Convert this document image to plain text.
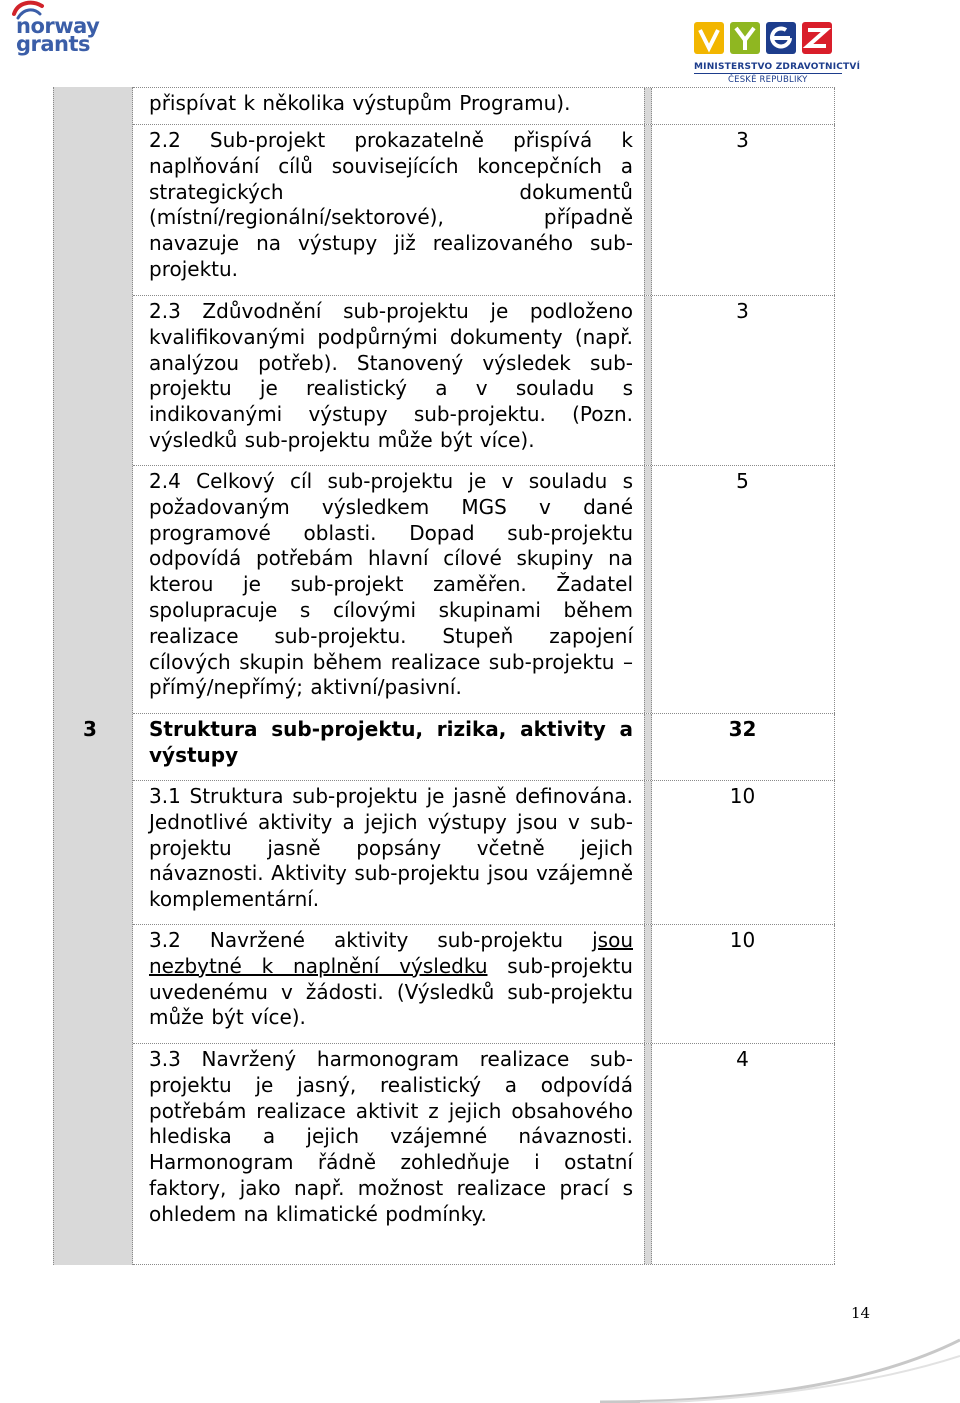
norway
grants
MINISTERSTVO ZDRAVOTNICTVÍ
ČESKÉ REPUBLIKY
3
přispívat k několika výstupům Programu).
2.2 Sub-projekt prokazatelně přispívá k naplňování cílů souvisejících koncepčních a strategických dokumentů (místní/regionální/sektorové), případně navazuje na výstupy již realizovaného sub-projektu.
3
2.3 Zdůvodnění sub-projektu je podloženo kvalifikovanými podpůrnými dokumenty (např. analýzou potřeb). Stanovený výsledek sub-projektu je realistický a v souladu s indikovanými výstupy sub-projektu. (Pozn. výsledků sub-projektu může být více).
3
2.4 Celkový cíl sub-projektu je v souladu s požadovaným výsledkem MGS v dané programové oblasti. Dopad sub-projektu odpovídá potřebám hlavní cílové skupiny na kterou je sub-projekt zaměřen. Žadatel spolupracuje s cílovými skupinami během realizace sub-projektu. Stupeň zapojení cílových skupin během realizace sub-projektu – přímý/nepřímý; aktivní/pasivní.
5
Struktura sub-projektu, rizika, aktivity a výstupy
32
3.1 Struktura sub-projektu je jasně definována. Jednotlivé aktivity a jejich výstupy jsou v sub-projektu jasně popsány včetně jejich návaznosti. Aktivity sub-projektu jsou vzájemně komplementární.
10
3.2 Navržené aktivity sub-projektu jsou nezbytné k naplnění výsledku sub-projektu uvedenému v žádosti. (Výsledků sub-projektu může být více).
10
3.3 Navržený harmonogram realizace sub-projektu je jasný, realistický a odpovídá potřebám realizace aktivit z jejich obsahového hlediska a jejich vzájemné návaznosti. Harmonogram řádně zohledňuje i ostatní faktory, jako např. možnost realizace prací s ohledem na klimatické podmínky.
4
14
